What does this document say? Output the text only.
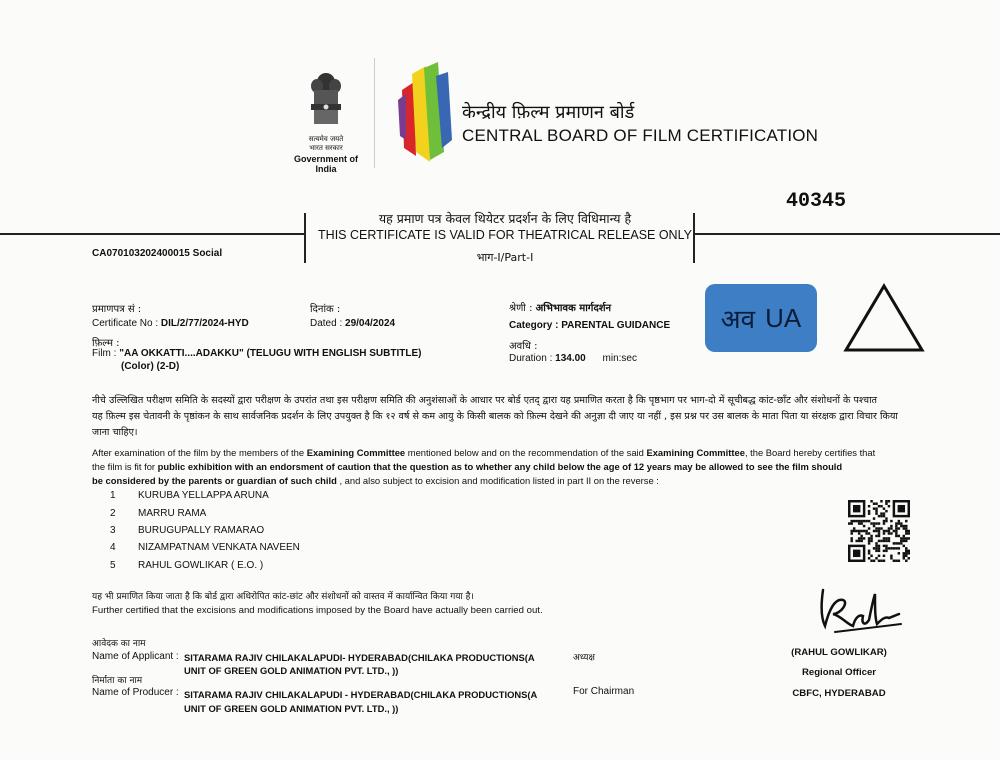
सत्यमेव जयते
भारत सरकार
Government of India
केन्द्रीय फ़िल्म प्रमाणन बोर्ड
CENTRAL BOARD OF FILM CERTIFICATION
40345
यह प्रमाण पत्र केवल थियेटर प्रदर्शन के लिए विधिमान्य है
THIS CERTIFICATE IS VALID FOR THEATRICAL RELEASE ONLY
भाग-I/Part-I
CA070103202400015 Social
प्रमाणपत्र सं :
Certificate No : DIL/2/77/2024-HYD
दिनांक :
Dated : 29/04/2024
श्रेणी : अभिभावक मार्गदर्शन
Category : PARENTAL GUIDANCE
फ़िल्म :
Film : "AA OKKATTI....ADAKKU" (TELUGU WITH ENGLISH SUBTITLE)
(Color) (2-D)
अवधि :
Duration : 134.00 min:sec
अव UA
नीचे उल्लिखित परीक्षण समिति के सदस्यों द्वारा परीक्षण के उपरांत तथा इस परीक्षण समिति की अनुशंसाओं के आधार पर बोर्ड एतद् द्वारा यह प्रमाणित करता है कि पृष्ठभाग पर भाग-दो में सूचीबद्ध कांट-छाँट और संशोधनों के पश्चात
यह फ़िल्म इस चेतावनी के पृष्ठांकन के साथ सार्वजनिक प्रदर्शन के लिए उपयुक्त है कि १२ वर्ष से कम आयु के किसी बालक को फ़िल्म देखने की अनुज्ञा दी जाए या नहीं , इस प्रश्न पर उस बालक के माता पिता या संरक्षक द्वारा विचार किया
जाना चाहिए।
After examination of the film by the members of the Examining Committee mentioned below and on the recommendation of the said Examining Committee, the Board hereby certifies that
the film is fit for public exhibition with an endorsment of caution that the question as to whether any child below the age of 12 years may be allowed to see the film should
be considered by the parents or guardian of such child , and also subject to excision and modification listed in part II on the reverse :
1	KURUBA YELLAPPA ARUNA
2	MARRU RAMA
3	BURUGUPALLY RAMARAO
4	NIZAMPATNAM VENKATA NAVEEN
5	RAHUL GOWLIKAR ( E.O. )
यह भी प्रमाणित किया जाता है कि बोर्ड द्वारा अधिरोपित कांट-छांट और संशोधनों को वास्तव में कार्यान्वित किया गया है।
Further certified that the excisions and modifications imposed by the Board have actually been carried out.
आवेदक का नाम
Name of Applicant : SITARAMA RAJIV CHILAKALAPUDI- HYDERABAD(CHILAKA PRODUCTIONS(A
UNIT OF GREEN GOLD ANIMATION PVT. LTD., ))
निर्माता का नाम
Name of Producer : SITARAMA RAJIV CHILAKALAPUDI - HYDERABAD(CHILAKA PRODUCTIONS(A
UNIT OF GREEN GOLD ANIMATION PVT. LTD., ))
अध्यक्ष
For Chairman
(RAHUL GOWLIKAR)
Regional Officer
CBFC, HYDERABAD
